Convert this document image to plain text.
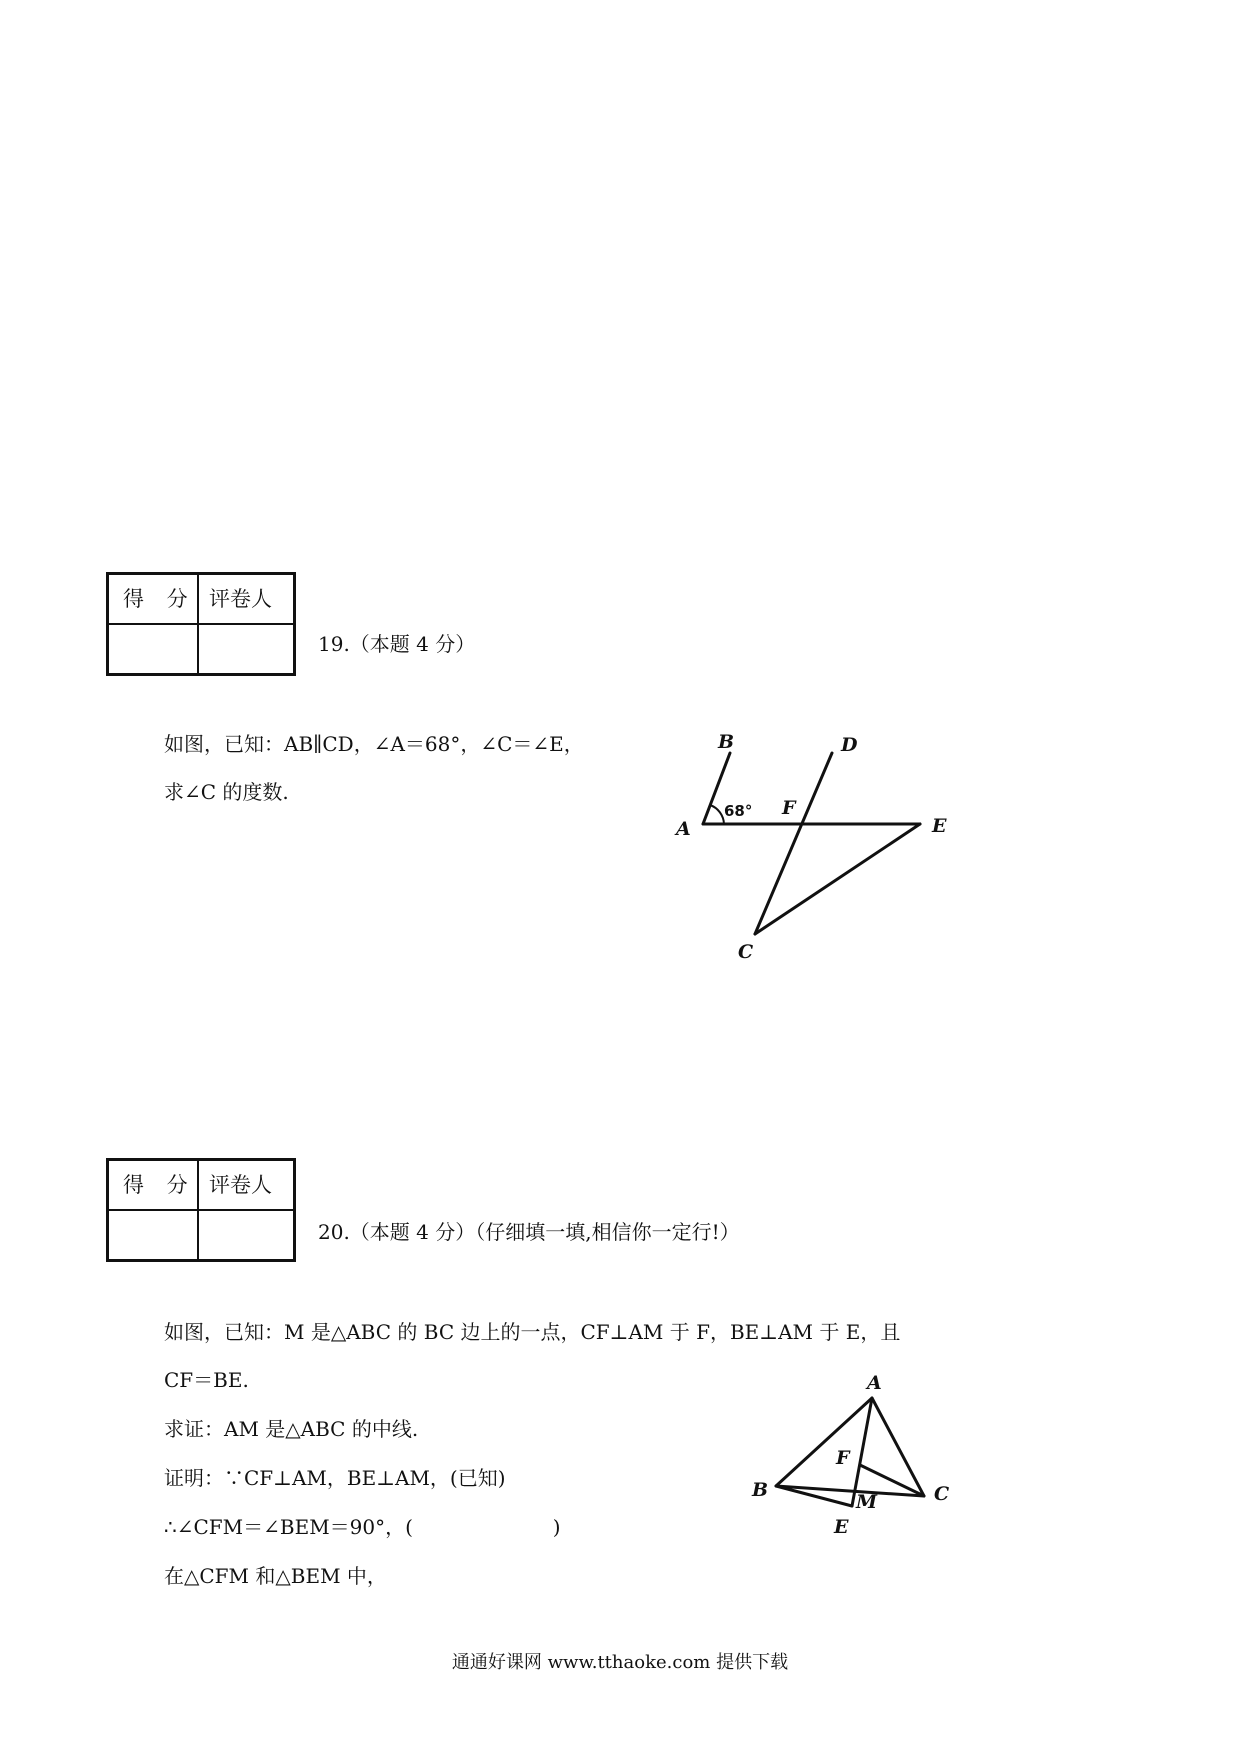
得 分 评卷人
19.（本题 4 分）
如图，已知：AB∥CD，∠A＝68°，∠C＝∠E，
求∠C 的度数.
B	D
A
68° F
E
C
得 分 评卷人
20.（本题 4 分）（仔细填一填,相信你一定行!）
如图，已知：M 是△ABC 的 BC 边上的一点，CF⊥AM 于 F，BE⊥AM 于 E，且
CF＝BE.
求证：AM 是△ABC 的中线.
证明：∵CF⊥AM，BE⊥AM，(已知)
∴∠CFM＝∠BEM＝90°，(                      )
在△CFM 和△BEM 中，
A
F
B
M	C
E
通通好课网 www.tthaoke.com 提供下载
